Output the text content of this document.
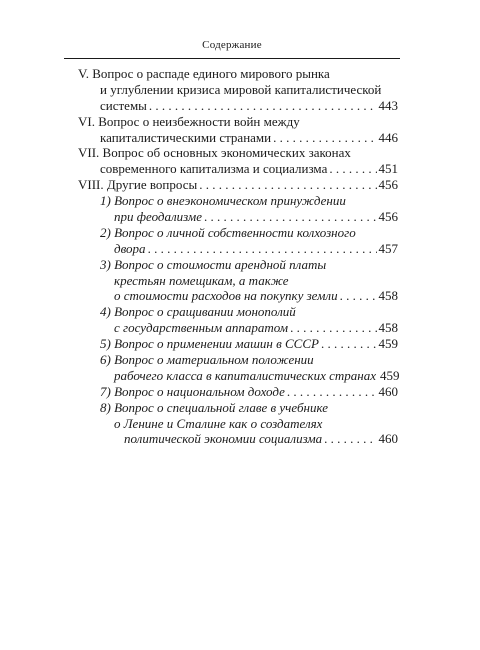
Содержание
V. Вопрос о распаде единого мирового рынка
и углублении кризиса мировой капиталистической
системы . . .	443
VI. Вопрос о неизбежности войн между
капиталистическими странами . . .	446
VII. Вопрос об основных экономических законах
современного капитализма и социализма . . .	451
VIII. Другие вопросы . . .	456
1) Вопрос о внеэкономическом принуждении
при феодализме . . .	456
2) Вопрос о личной собственности колхозного
двора . . .	457
3) Вопрос о стоимости арендной платы
крестьян помещикам, а также
о стоимости расходов на покупку земли . . .	458
4) Вопрос о сращивании монополий
с государственным аппаратом . . .	458
5)
Вопрос о применении машин в СССР . . .	459
6) Вопрос о материальном положении
рабочего класса в капиталистических странах 459
7)
Вопрос о национальном доходе . . .	460
8) Вопрос о специальной главе в учебнике
о Ленине и Сталине как о создателях
политической экономии социализма . . .	460
